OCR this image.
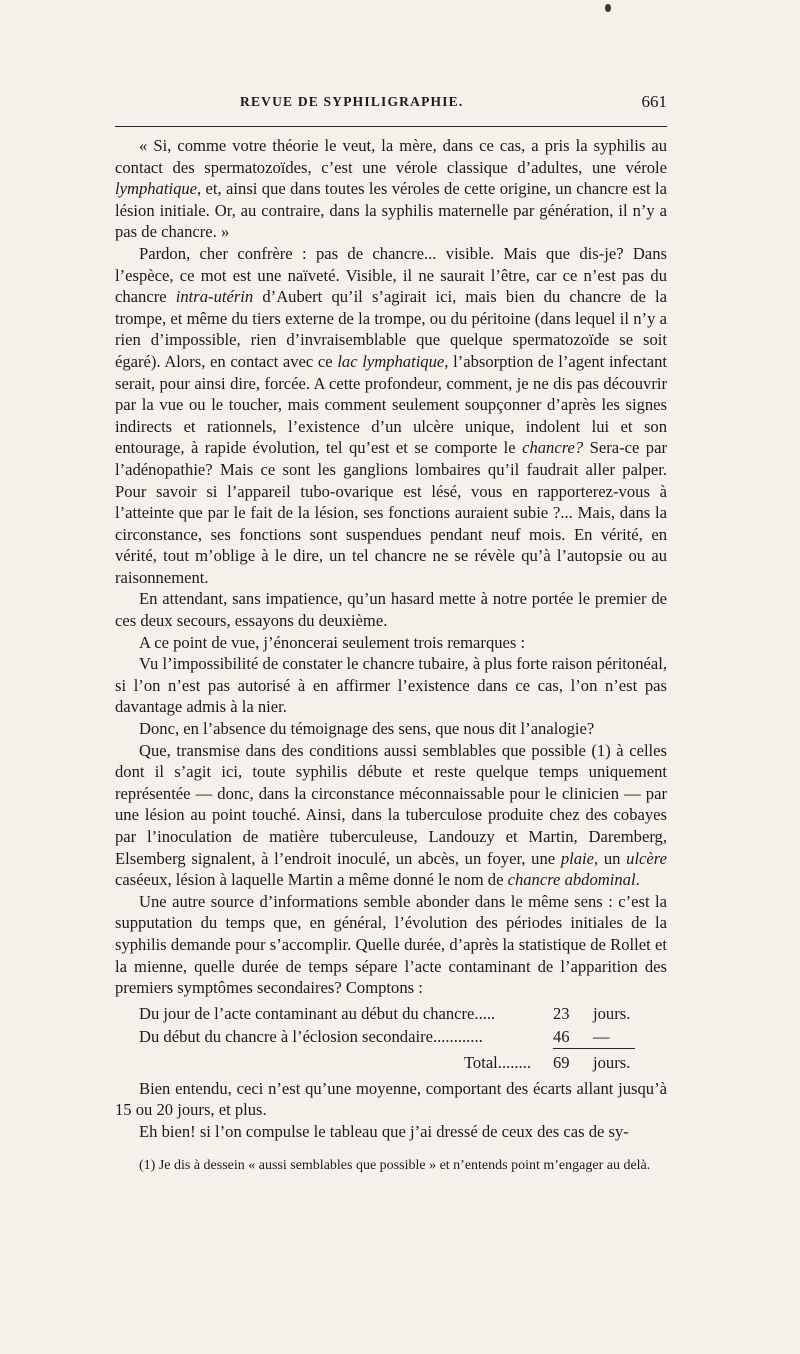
REVUE DE SYPHILIGRAPHIE.	661

« Si, comme votre théorie le veut, la mère, dans ce cas, a pris la syphilis au contact des spermatozoïdes, c’est une vérole classique d’adultes, une vérole lymphatique, et, ainsi que dans toutes les véroles de cette origine, un chancre est la lésion initiale. Or, au contraire, dans la syphilis maternelle par génération, il n’y a pas de chancre. »

Pardon, cher confrère : pas de chancre... visible. Mais que dis-je? Dans l’espèce, ce mot est une naïveté. Visible, il ne saurait l’être, car ce n’est pas du chancre intra-utérin d’Aubert qu’il s’agirait ici, mais bien du chancre de la trompe, et même du tiers externe de la trompe, ou du péritoine (dans lequel il n’y a rien d’impossible, rien d’invraisemblable que quelque spermatozoïde se soit égaré). Alors, en contact avec ce lac lymphatique, l’absorption de l’agent infectant serait, pour ainsi dire, forcée. A cette profondeur, comment, je ne dis pas découvrir par la vue ou le toucher, mais comment seulement soupçonner d’après les signes indirects et rationnels, l’existence d’un ulcère unique, indolent lui et son entourage, à rapide évolution, tel qu’est et se comporte le chancre? Sera-ce par l’adénopathie? Mais ce sont les ganglions lombaires qu’il faudrait aller palper. Pour savoir si l’appareil tubo-ovarique est lésé, vous en rapporterez-vous à l’atteinte que par le fait de la lésion, ses fonctions auraient subie ?... Mais, dans la circonstance, ses fonctions sont suspendues pendant neuf mois. En vérité, en vérité, tout m’oblige à le dire, un tel chancre ne se révèle qu’à l’autopsie ou au raisonnement.

En attendant, sans impatience, qu’un hasard mette à notre portée le premier de ces deux secours, essayons du deuxième.

A ce point de vue, j’énoncerai seulement trois remarques :

Vu l’impossibilité de constater le chancre tubaire, à plus forte raison péritonéal, si l’on n’est pas autorisé à en affirmer l’existence dans ce cas, l’on n’est pas davantage admis à la nier.

Donc, en l’absence du témoignage des sens, que nous dit l’analogie?

Que, transmise dans des conditions aussi semblables que possible (1) à celles dont il s’agit ici, toute syphilis débute et reste quelque temps uniquement représentée — donc, dans la circonstance méconnaissable pour le clinicien — par une lésion au point touché. Ainsi, dans la tuberculose produite chez des cobayes par l’inoculation de matière tuberculeuse, Landouzy et Martin, Daremberg, Elsemberg signalent, à l’endroit inoculé, un abcès, un foyer, une plaie, un ulcère caséeux, lésion à laquelle Martin a même donné le nom de chancre abdominal.

Une autre source d’informations semble abonder dans le même sens : c’est la supputation du temps que, en général, l’évolution des périodes initiales de la syphilis demande pour s’accomplir. Quelle durée, d’après la statistique de Rollet et la mienne, quelle durée de temps sépare l’acte contaminant de l’apparition des premiers symptômes secondaires? Comptons :

Du jour de l’acte contaminant au début du chancre.....	23	jours.
Du début du chancre à l’éclosion secondaire............	46	—
Total........	69	jours.

Bien entendu, ceci n’est qu’une moyenne, comportant des écarts allant jusqu’à 15 ou 20 jours, et plus.

Eh bien! si l’on compulse le tableau que j’ai dressé de ceux des cas de sy-

(1) Je dis à dessein « aussi semblables que possible » et n’entends point m’engager au delà.
